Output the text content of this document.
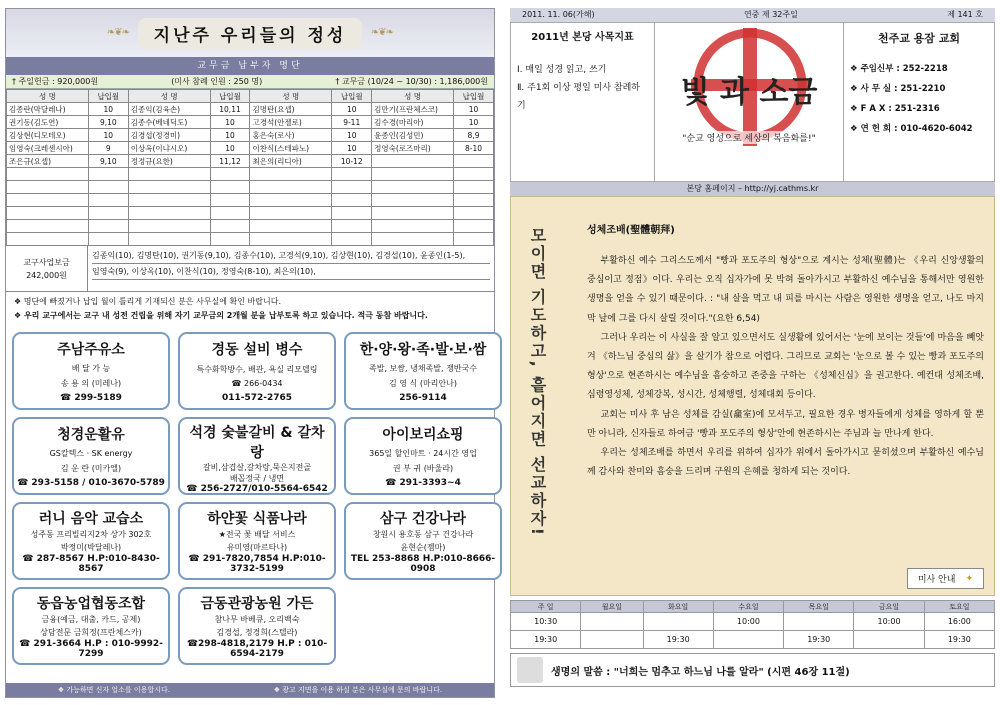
❧❦❧	지난주 우리들의 정성	❧❦❧
교무금 납부자 명단
† 주일헌금 : 920,000원	(미사 참례 인원 : 250 명)	† 교무금 (10/24 ~ 10/30) : 1,186,000원
성 명	납입월	성 명	납입월	성 명	납입월	성 명	납입월
김종란(막달레나)	10	김종익(김육손)	10,11	김명탄(요셉)	10	김만기(프란체스코)	10
권기동(김도연)	9,10	김종수(베네딕도)	10	고경석(안젤로)	9-11	김수경(마리아)	10
김상현(디모테오)	10	김경섭(정경미)	10	홍은숙(로사)	10	윤종인(김성민)	8,9
임영숙(크레센시아)	9	이상옥(이냐시오)	10	이찬식(스테파노)	10	정영숙(로즈마리)	8-10
조은규(요셉)	9,10	정정규(요한)	11,12	최은의(리디아)	10-12		

교구사업보금
242,000원
김종익(10), 김명탄(10), 권기동(9,10), 김종수(10), 고경석(9,10), 김상현(10), 김경섭(10), 윤종인(1-5),
임영숙(9), 이상옥(10), 이찬식(10), 정영숙(8-10), 최은의(10),
❖ 명단에 빠졌거나 납입 월이 틀리게 기재되신 분은 사무실에 확인 바랍니다.
❖ 우리 교구에서는 교구 내 성전 건립을 위해 자기 교무금의 2개월 분을 납부토록 하고 있습니다. 적극 동참 바랍니다.
주남주유소
배 달 가 능
송 용 의 (미레나)
☎ 299-5189
경동 설비 병수
특수화학방수, 배관, 욕실 리모델링
☎ 266-0434
011-572-2765
한·양·왕·족·발·보·쌈
족발, 보쌈, 냉채족발, 쟁반국수
김 영 식 (마리안나)
256-9114
청경운활유
GS칼텍스 · SK energy
김 운 란 (미카엘)
☎ 293-5158 / 010-3670-5789
석경 숯불갈비 & 갈차랑
갈비,삼겹살,갈차랑,묵은지전골
배꼽정국 / 냉면
☎ 256-2727/010-5564-6542
아이보리쇼핑
365일 할인마트 · 24시간 영업
권 부 귀 (바울라)
☎ 291-3393~4
러니 음악 교습소
성주동 프리빌리지2차 상가 302호
박정미(박달레나)
☎ 287-8567 H.P:010-8430-8567
하얀꽃 식품나라
★전국 꽃 배달 서비스
유미영(마르타나)
☎ 291-7820,7854 H.P:010-3732-5199
삼구 건강나라
창원시 용호동 삼구 건강나라
윤현순(젬마)
TEL 253-8868 H.P:010-8666-0908
동읍농업협동조합
금융(예금, 대출, 카드, 공제)
상담전문 금희정(프란체스카)
☎ 291-3664 H.P : 010-9992-7299
금동관광농원 가든
참나무 바베큐, 오리백숙
김경섭, 정경희(스텔라)
☎298-4818,2179 H.P : 010-6594-2179
❖ 가능하면 신자 업소를 이용합시다.	❖ 광고 지면을 이용 하실 분은 사무실에 문의 바랍니다.
2011. 11. 06(가해)	연중 제 32주일	제 141 호
2011년 본당 사목지표
Ⅰ. 매일 성경 읽고, 쓰기
Ⅱ. 주1회 이상 평일 미사 참례하기	빛 과 소금
"순교 영성으로 세상의 복음화를!"
천주교 용잠 교회
❖ 주임신부 : 252-2218
❖ 사 무 실 : 251-2210
❖ F A X : 251-2316
❖ 연 헌 회 : 010-4620-6042
본당 홈페이지 – http://yj.cathms.kr
모이면 기도하고, 흩어지면 선교하자!	성체조배(聖體朝拜)

부활하신 예수 그리스도께서 "빵과 포도주의 형상"으로 계시는 성체(聖體)는 《우리 신앙생활의 중심이고 정점》이다. 우리는 오직 십자가에 못 박혀 돌아가시고 부활하신 예수님을 통해서만 영원한 생명을 얻을 수 있기 때문이다. : "내 살을 먹고 내 피를 마시는 사람은 영원한 생명을 얻고, 나도 마지막 날에 그를 다시 살릴 것이다."(요한 6,54)

그러나 우리는 이 사실을 잘 알고 있으면서도 실생활에 있어서는 '눈에 보이는 것들'에 마음을 빼앗겨 《하느님 중심의 삶》을 살기가 참으로 어렵다. 그리므로 교회는 '눈으로 볼 수 있는 빵과 포도주의 형상'으로 현존하시는 예수님을 흠숭하고 존중을 구하는 《성체신심》을 권고한다. 예컨대 성체조배, 심령영성체, 성체강복, 성시간, 성체행렬, 성체대회 등이다.

교회는 미사 후 남은 성체를 감실(龕室)에 모셔두고, 필요한 경우 병자들에게 성체를 영하게 할 뿐만 아니라, 신자들로 하여금 '빵과 포도주의 형상'안에 현존하시는 주님과 늘 만나게 한다.

우리는 성체조배를 하면서 우리를 위하여 십자가 위에서 돌아가시고 묻히셨으며 부활하신 예수님께 감사와 찬미와 흠숭을 드리며 구원의 은혜를 청하게 되는 것이다.

미사 안내 ✦
주 일	월요일	화요일	수요일	목요일	금요일	토요일
10:30			10:00		10:00	16:00
19:30		19:30		19:30		19:30
생명의 말씀 : "너희는 멈추고 하느님 나를 알라" (시편 46장 11절)
